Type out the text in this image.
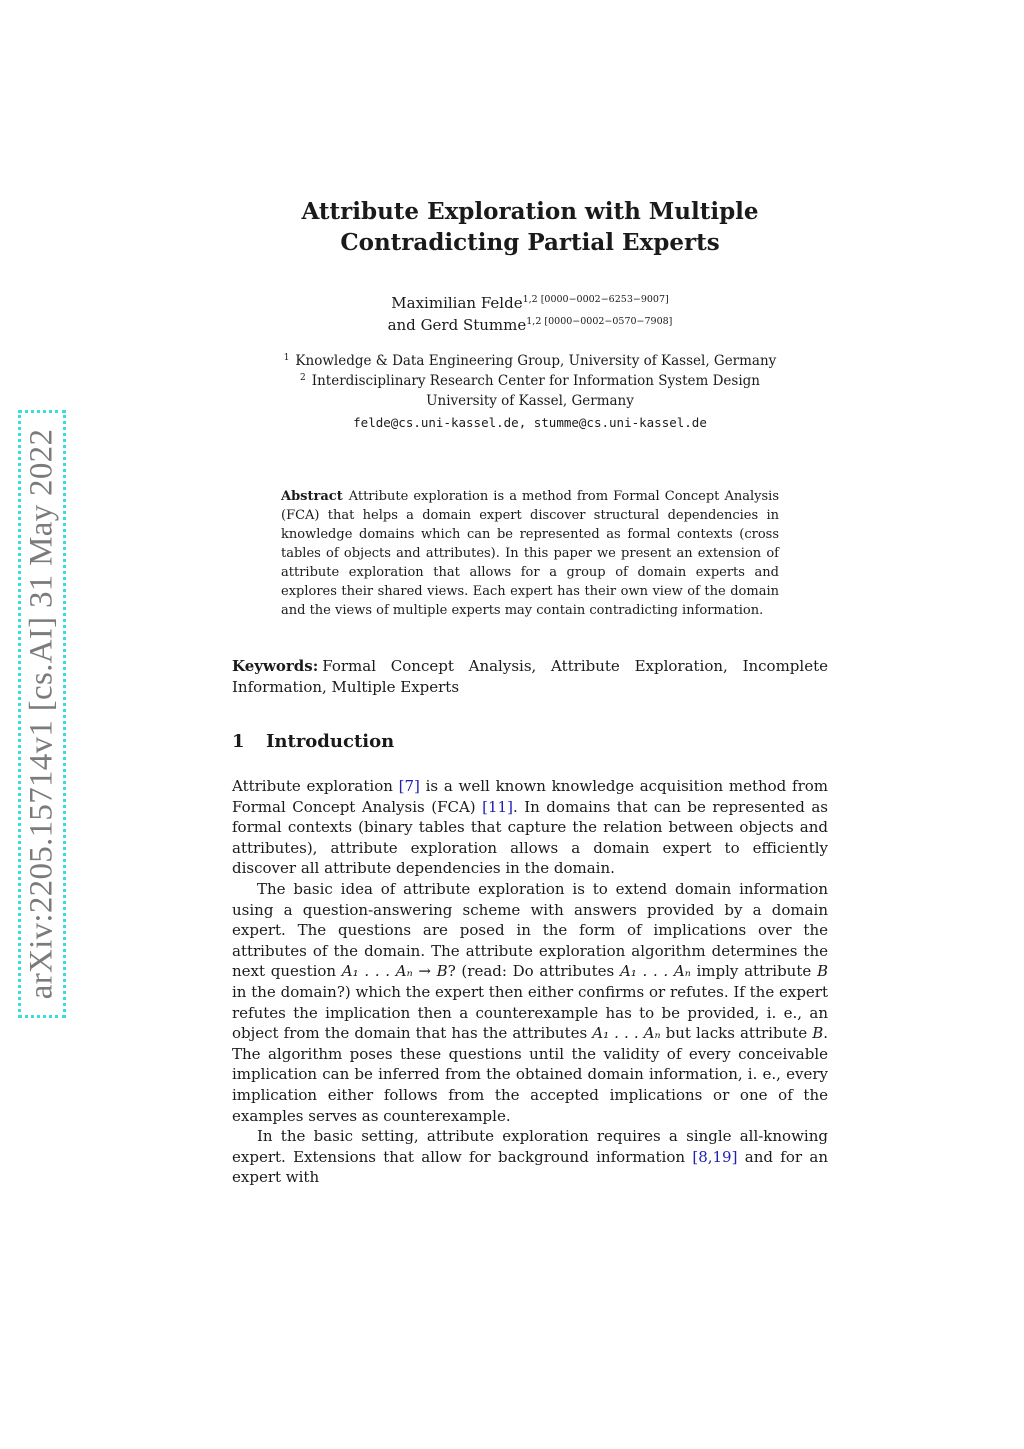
arXiv:2205.15714v1 [cs.AI] 31 May 2022
Attribute Exploration with Multiple
Contradicting Partial Experts
Maximilian Felde$^{1,2 [0000-0002-6253-9007]}$
and Gerd Stumme$^{1,2 [0000-0002-0570-7908]}$
$^1$ Knowledge & Data Engineering Group, University of Kassel, Germany
$^2$ Interdisciplinary Research Center for Information System Design
University of Kassel, Germany
felde@cs.uni-kassel.de, stumme@cs.uni-kassel.de
Abstract Attribute exploration is a method from Formal Concept Analysis (FCA) that helps a domain expert discover structural dependencies in knowledge domains which can be represented as formal contexts (cross tables of objects and attributes). In this paper we present an extension of attribute exploration that allows for a group of domain experts and explores their shared views. Each expert has their own view of the domain and the views of multiple experts may contain contradicting information.
Keywords: Formal Concept Analysis, Attribute Exploration, Incomplete Information, Multiple Experts
1 Introduction

Attribute exploration [7] is a well known knowledge acquisition method from Formal Concept Analysis (FCA) [11]. In domains that can be represented as formal contexts (binary tables that capture the relation between objects and attributes), attribute exploration allows a domain expert to efficiently discover all attribute dependencies in the domain.

The basic idea of attribute exploration is to extend domain information using a question-answering scheme with answers provided by a domain expert. The questions are posed in the form of implications over the attributes of the domain. The attribute exploration algorithm determines the next question A₁ . . . Aₙ → B? (read: Do attributes A₁ . . . Aₙ imply attribute B in the domain?) which the expert then either confirms or refutes. If the expert refutes the implication then a counterexample has to be provided, i. e., an object from the domain that has the attributes A₁ . . . Aₙ but lacks attribute B. The algorithm poses these questions until the validity of every conceivable implication can be inferred from the obtained domain information, i. e., every implication either follows from the accepted implications or one of the examples serves as counterexample.

In the basic setting, attribute exploration requires a single all-knowing expert. Extensions that allow for background information [8,19] and for an expert with
